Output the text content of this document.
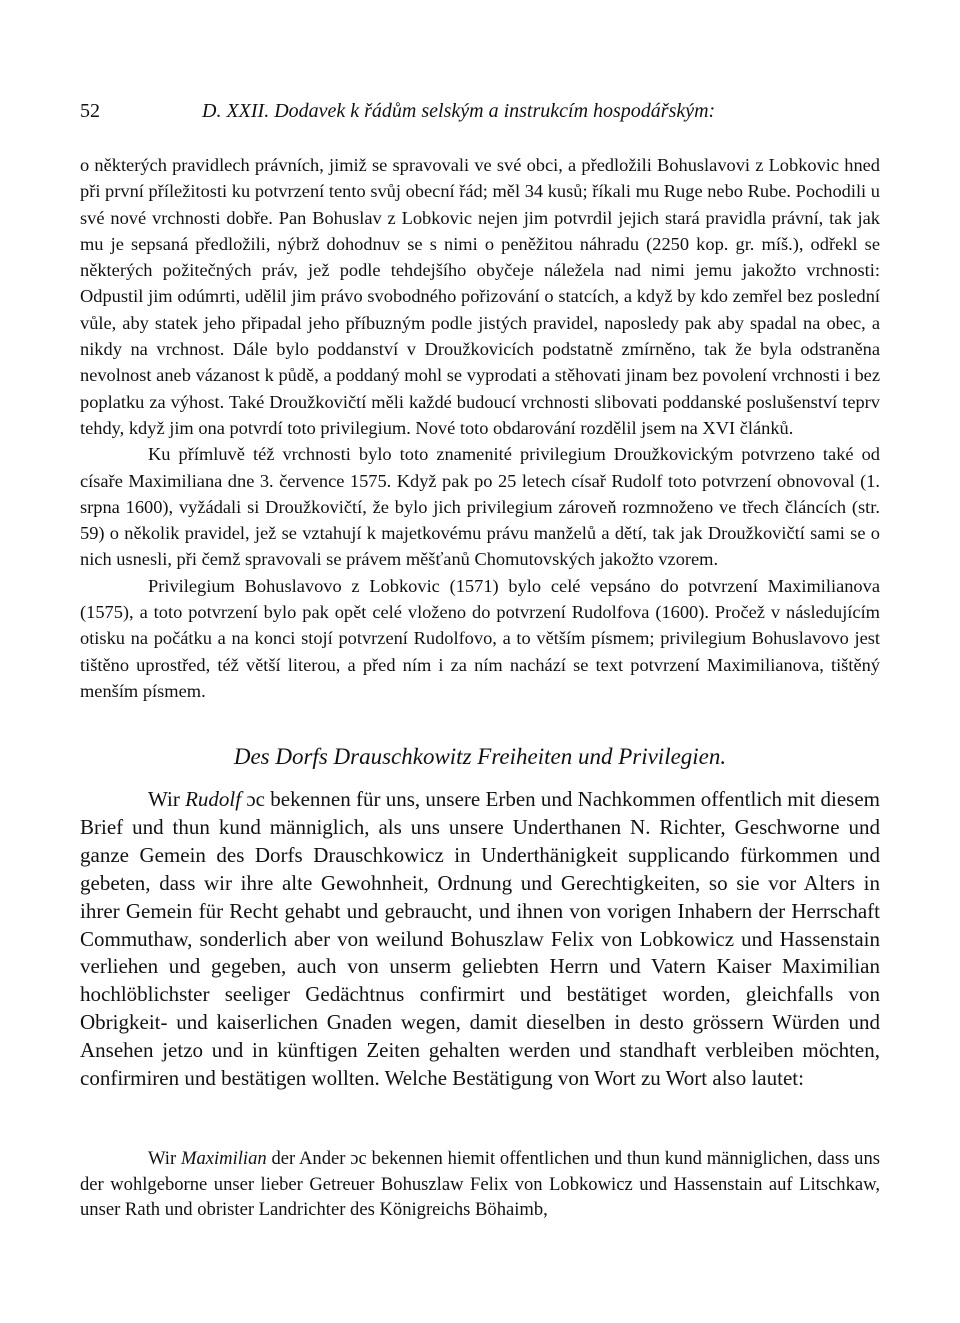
52	D. XXII. Dodavek k řádům selským a instrukcím hospodářským:

o některých pravidlech právních, jimiž se spravovali ve své obci, a předložili Bohuslavovi z Lobkovic hned při první příležitosti ku potvrzení tento svůj obecní řád; měl 34 kusů; říkali mu Ruge nebo Rube. Pochodili u své nové vrchnosti dobře. Pan Bohuslav z Lobkovic nejen jim potvrdil jejich stará pravidla právní, tak jak mu je sepsaná předložili, nýbrž dohodnuv se s nimi o peněžitou náhradu (2250 kop. gr. míš.), odřekl se některých požitečných práv, jež podle tehdejšího obyčeje náležela nad nimi jemu jakožto vrchnosti: Odpustil jim odúmrti, udělil jim právo svobodného pořizování o statcích, a když by kdo zemřel bez poslední vůle, aby statek jeho připadal jeho příbuzným podle jistých pravidel, naposledy pak aby spadal na obec, a nikdy na vrchnost. Dále bylo poddanství v Droužkovicích podstatně zmírněno, tak že byla odstraněna nevolnost aneb vázanost k půdě, a poddaný mohl se vyprodati a stěhovati jinam bez povolení vrchnosti i bez poplatku za výhost. Také Droužkovičtí měli každé budoucí vrchnosti slibovati poddanské poslušenství teprv tehdy, když jim ona potvrdí toto privilegium. Nové toto obdarování rozdělil jsem na XVI článků.

Ku přímluvě též vrchnosti bylo toto znamenité privilegium Droužkovickým potvrzeno také od císaře Maximiliana dne 3. července 1575. Když pak po 25 letech císař Rudolf toto potvrzení obnovoval (1. srpna 1600), vyžádali si Droužkovičtí, že bylo jich privilegium zároveň rozmnoženo ve třech článcích (str. 59) o několik pravidel, jež se vztahují k majetkovému právu manželů a dětí, tak jak Droužkovičtí sami se o nich usnesli, při čemž spravovali se právem měšťanů Chomutovských jakožto vzorem.

Privilegium Bohuslavovo z Lobkovic (1571) bylo celé vepsáno do potvrzení Maximilianova (1575), a toto potvrzení bylo pak opět celé vloženo do potvrzení Rudolfova (1600). Pročež v následujícím otisku na počátku a na konci stojí potvrzení Rudolfovo, a to větším písmem; privilegium Bohuslavovo jest tištěno uprostřed, též větší literou, a před ním i za ním nachází se text potvrzení Maximilianova, tištěný menším písmem.

Des Dorfs Drauschkowitz Freiheiten und Privilegien.

Wir Rudolf ɔc bekennen für uns, unsere Erben und Nachkommen offentlich mit diesem Brief und thun kund männiglich, als uns unsere Underthanen N. Richter, Geschworne und ganze Gemein des Dorfs Drauschkowicz in Underthänigkeit supplicando fürkommen und gebeten, dass wir ihre alte Gewohnheit, Ordnung und Gerechtigkeiten, so sie vor Alters in ihrer Gemein für Recht gehabt und gebraucht, und ihnen von vorigen Inhabern der Herrschaft Commuthaw, sonderlich aber von weilund Bohuszlaw Felix von Lobkowicz und Hassenstain verliehen und gegeben, auch von unserm geliebten Herrn und Vatern Kaiser Maximilian hochlöblichster seeliger Gedächtnus confirmirt und bestätiget worden, gleichfalls von Obrigkeit- und kaiserlichen Gnaden wegen, damit dieselben in desto grössern Würden und Ansehen jetzo und in künftigen Zeiten gehalten werden und standhaft verbleiben möchten, confirmiren und bestätigen wollten. Welche Bestätigung von Wort zu Wort also lautet:

Wir Maximilian der Ander ɔc bekennen hiemit offentlichen und thun kund männiglichen, dass uns der wohlgeborne unser lieber Getreuer Bohuszlaw Felix von Lobkowicz und Hassenstain auf Litschkaw, unser Rath und obrister Landrichter des Königreichs Böhaimb,
